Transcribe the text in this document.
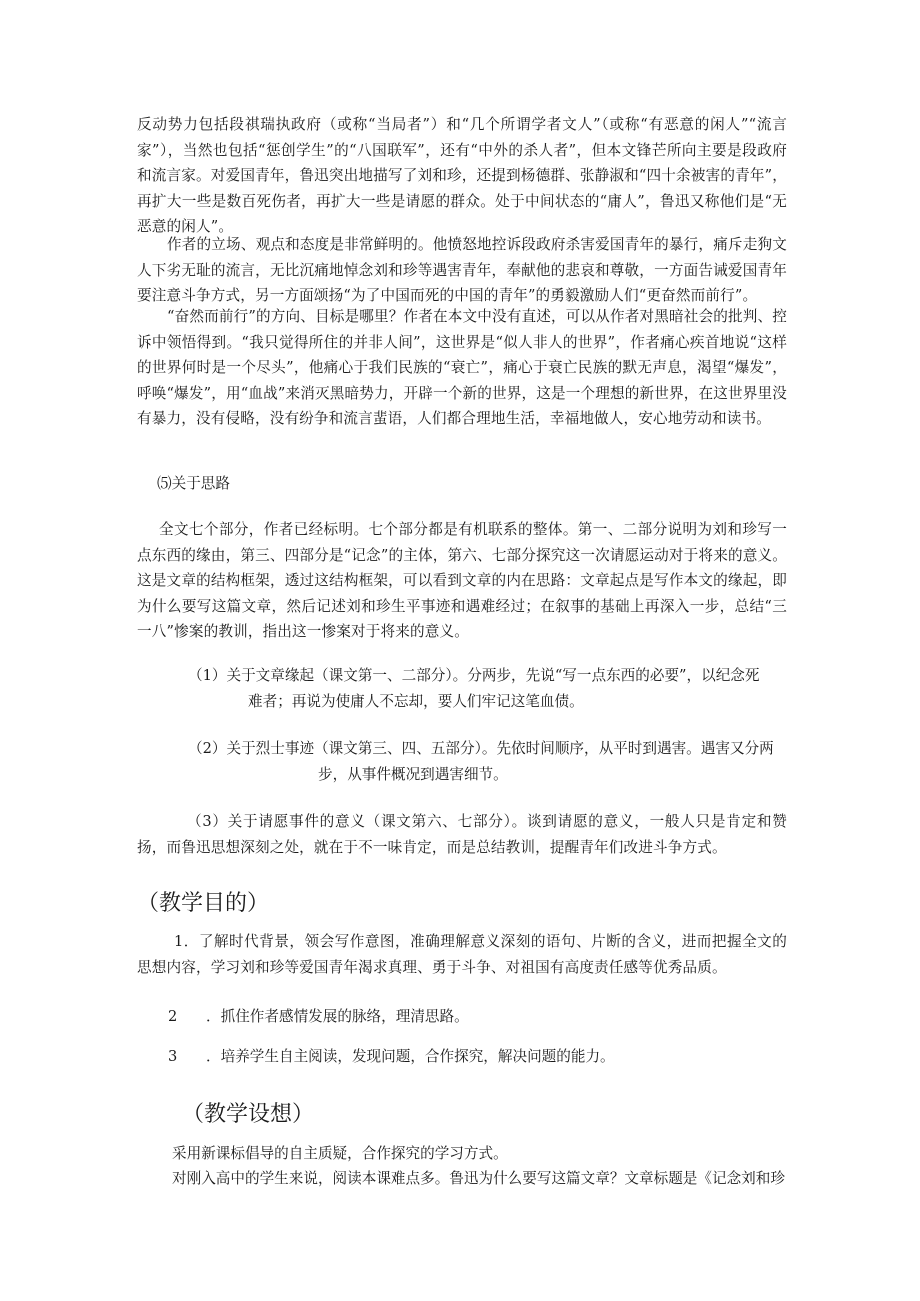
反动势力包括段祺瑞执政府（或称“当局者”）和“几个所谓学者文人”（或称“有恶意的闲人”“流言家”），当然也包括“惩创学生”的“八国联军”，还有“中外的杀人者”，但本文锋芒所向主要是段政府和流言家。对爱国青年，鲁迅突出地描写了刘和珍，还提到杨德群、张静淑和“四十余被害的青年”，再扩大一些是数百死伤者，再扩大一些是请愿的群众。处于中间状态的“庸人”，鲁迅又称他们是“无恶意的闲人”。

作者的立场、观点和态度是非常鲜明的。他愤怒地控诉段政府杀害爱国青年的暴行，痛斥走狗文人下劣无耻的流言，无比沉痛地悼念刘和珍等遇害青年，奉献他的悲哀和尊敬，一方面告诫爱国青年要注意斗争方式，另一方面颂扬“为了中国而死的中国的青年”的勇毅激励人们“更奋然而前行”。

“奋然而前行”的方向、目标是哪里？作者在本文中没有直述，可以从作者对黑暗社会的批判、控诉中领悟得到。“我只觉得所住的并非人间”，这世界是“似人非人的世界”，作者痛心疾首地说“这样的世界何时是一个尽头”，他痛心于我们民族的“衰亡”，痛心于衰亡民族的默无声息，渴望“爆发”，呼唤“爆发”，用“血战”来消灭黑暗势力，开辟一个新的世界，这是一个理想的新世界，在这世界里没有暴力，没有侵略，没有纷争和流言蜚语，人们都合理地生活，幸福地做人，安心地劳动和读书。

⑸关于思路

全文七个部分，作者已经标明。七个部分都是有机联系的整体。第一、二部分说明为刘和珍写一点东西的缘由，第三、四部分是“记念”的主体，第六、七部分探究这一次请愿运动对于将来的意义。这是文章的结构框架，透过这结构框架，可以看到文章的内在思路：文章起点是写作本文的缘起，即为什么要写这篇文章，然后记述刘和珍生平事迹和遇难经过；在叙事的基础上再深入一步，总结“三一八”惨案的教训，指出这一惨案对于将来的意义。

（1）关于文章缘起（课文第一、二部分）。分两步，先说“写一点东西的必要”，以纪念死
难者；再说为使庸人不忘却，要人们牢记这笔血债。
（2）关于烈士事迹（课文第三、四、五部分）。先依时间顺序，从平时到遇害。遇害又分两
步，从事件概况到遇害细节。

（3）关于请愿事件的意义（课文第六、七部分）。谈到请愿的意义，一般人只是肯定和赞扬，而鲁迅思想深刻之处，就在于不一味肯定，而是总结教训，提醒青年们改进斗争方式。

（教学目的）

1．了解时代背景，领会写作意图，准确理解意义深刻的语句、片断的含义，进而把握全文的思想内容，学习刘和珍等爱国青年渴求真理、勇于斗争、对祖国有高度责任感等优秀品质。

2 ．抓住作者感情发展的脉络，理清思路。
3 ．培养学生自主阅读，发现问题，合作探究，解决问题的能力。
（教学设想）
采用新课标倡导的自主质疑，合作探究的学习方式。
对刚入高中的学生来说，阅读本课难点多。鲁迅为什么要写这篇文章？文章标题是《记念刘和珍
